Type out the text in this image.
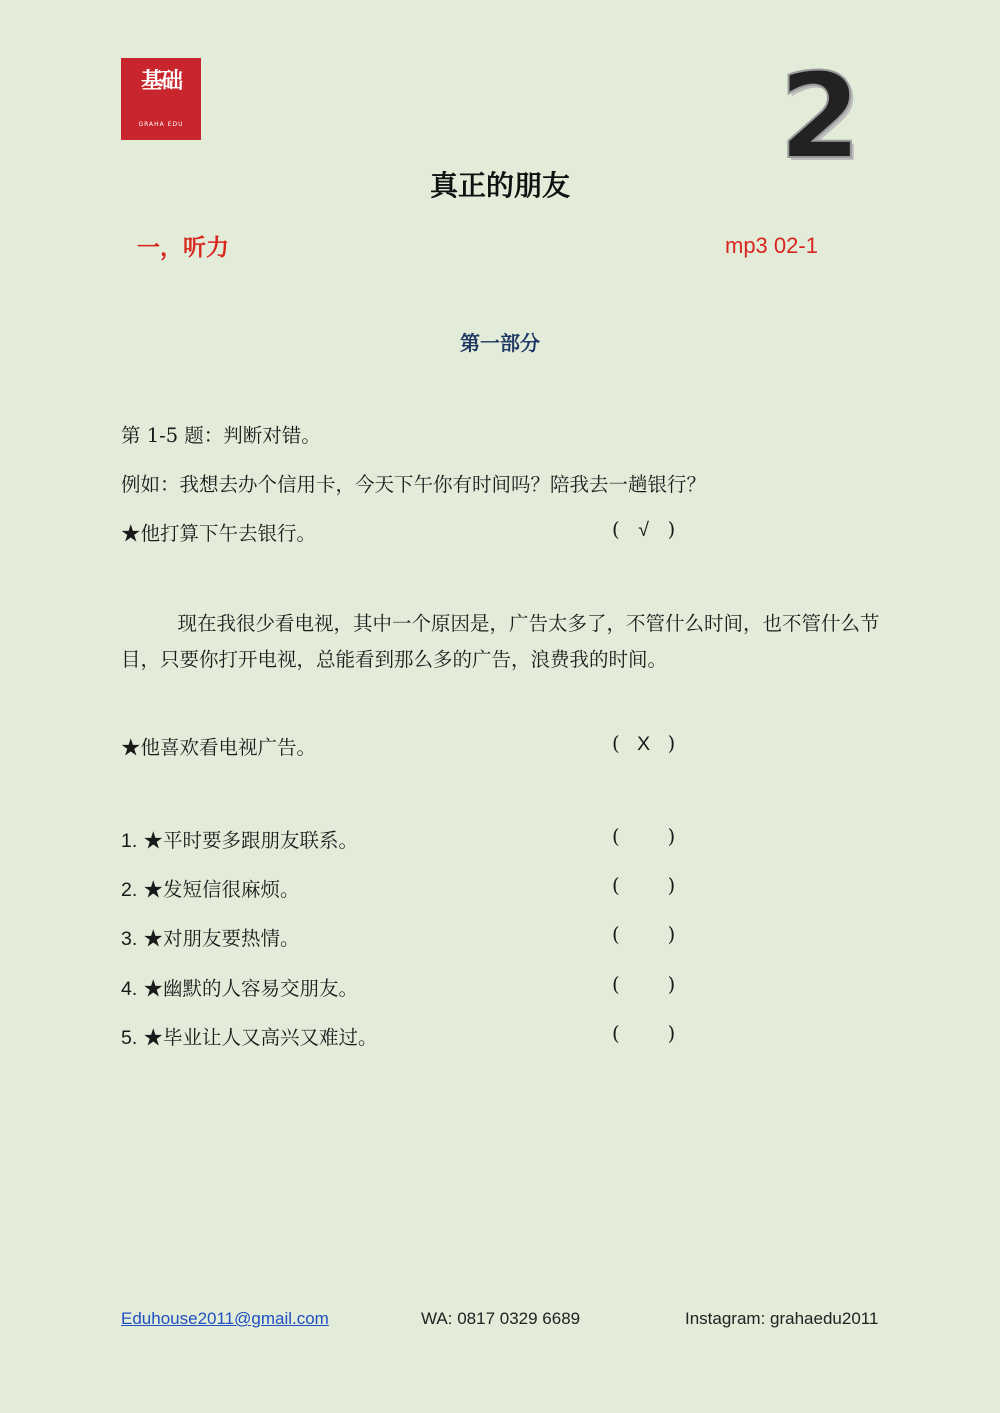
基础
GRAHA EDU	2
真正的朋友
一，听力	mp3 02-1
第一部分
第 1-5 题：判断对错。
例如：我想去办个信用卡，今天下午你有时间吗？陪我去一趟银行？
★他打算下午去银行。	( √ )
现在我很少看电视，其中一个原因是，广告太多了，不管什么时间，也不管什么节目，只要你打开电视，总能看到那么多的广告，浪费我的时间。
★他喜欢看电视广告。	( X )
1. ★平时要多跟朋友联系。	( )
2. ★发短信很麻烦。	( )
3. ★对朋友要热情。	( )
4. ★幽默的人容易交朋友。	( )
5. ★毕业让人又高兴又难过。	( )
Eduhouse2011@gmail.com	WA: 0817 0329 6689	Instagram: grahaedu2011
